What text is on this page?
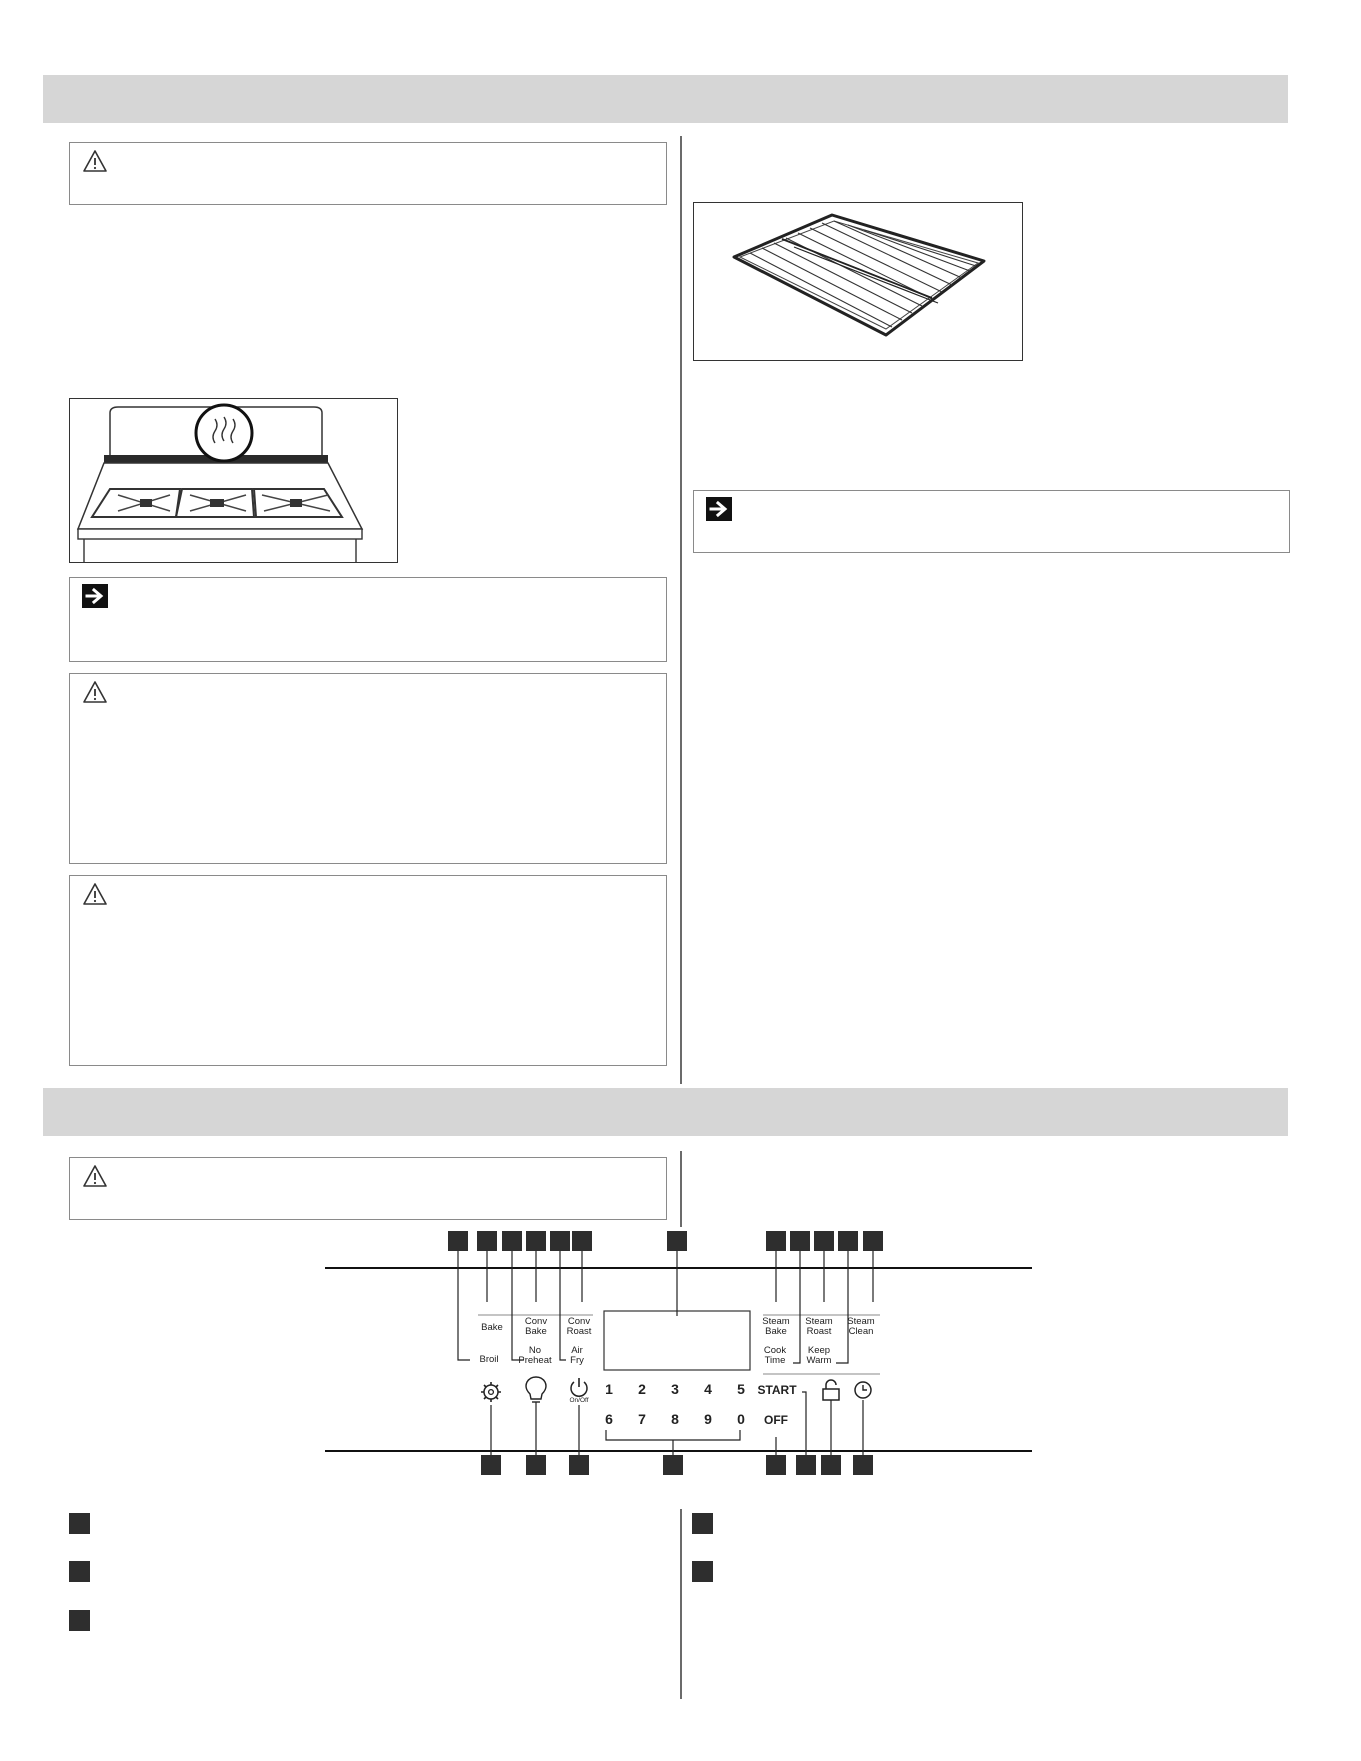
Bake
Conv
Bake
Conv
Roast
Steam
Bake
Steam
Roast
Steam
Clean
Broil
No
Preheat
Air
Fry
Cook
Time
Keep
Warm
1	2	3	4	5
6	7	8	9	0
START
OFF
On/Off
